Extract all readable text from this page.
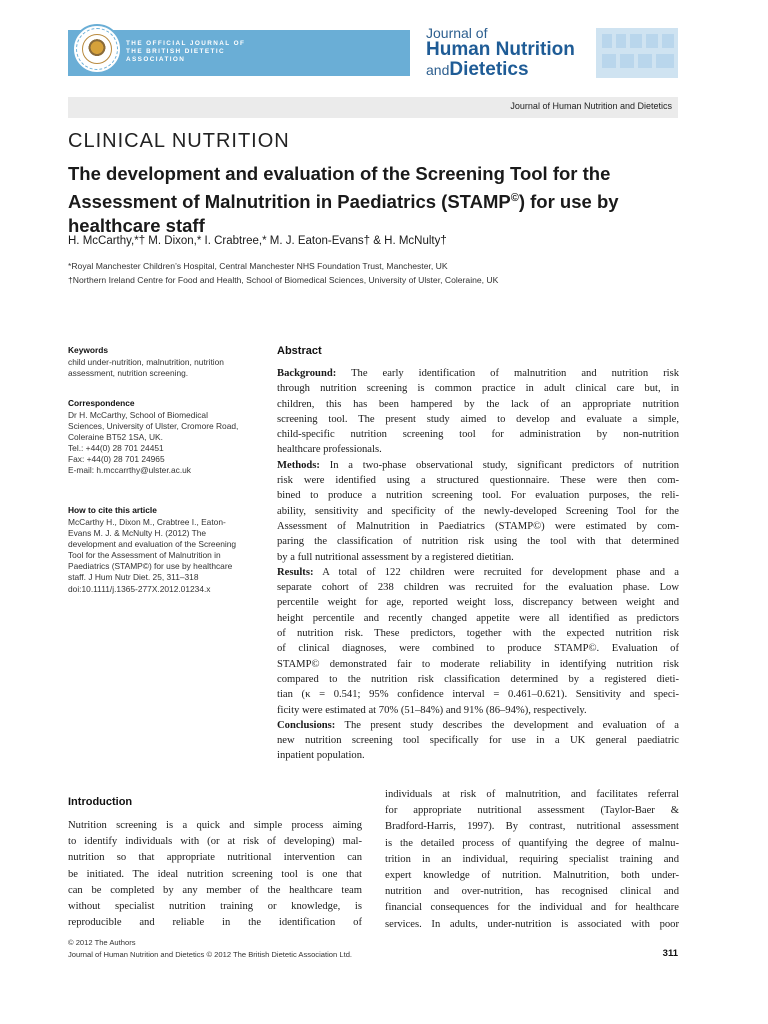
THE OFFICIAL JOURNAL OF
THE BRITISH DIETETIC
ASSOCIATION
Journal of
Human Nutrition
andDietetics
Journal of Human Nutrition and Dietetics
CLINICAL NUTRITION
The development and evaluation of the Screening Tool for the Assessment of Malnutrition in Paediatrics (STAMP©) for use by healthcare staff
H. McCarthy,*† M. Dixon,* I. Crabtree,* M. J. Eaton-Evans† & H. McNulty†
*Royal Manchester Children’s Hospital, Central Manchester NHS Foundation Trust, Manchester, UK
†Northern Ireland Centre for Food and Health, School of Biomedical Sciences, University of Ulster, Coleraine, UK
Keywords
child under-nutrition, malnutrition, nutrition
assessment, nutrition screening.
Correspondence
Dr H. McCarthy, School of Biomedical
Sciences, University of Ulster, Cromore Road,
Coleraine BT52 1SA, UK.
Tel.: +44(0) 28 701 24451
Fax: +44(0) 28 701 24965
E-mail: h.mccarrthy@ulster.ac.uk
How to cite this article
McCarthy H., Dixon M., Crabtree I., Eaton-
Evans M. J. & McNulty H. (2012) The
development and evaluation of the Screening
Tool for the Assessment of Malnutrition in
Paediatrics (STAMP©) for use by healthcare
staff. J Hum Nutr Diet. 25, 311–318
doi:10.1111/j.1365-277X.2012.01234.x
Abstract
Background: The early identification of malnutrition and nutrition risk
through nutrition screening is common practice in adult clinical care but, in
children, this has been hampered by the lack of an appropriate nutrition
screening tool. The present study aimed to develop and evaluate a simple,
child-specific nutrition screening tool for administration by non-nutrition
healthcare professionals.
Methods: In a two-phase observational study, significant predictors of nutrition
risk were identified using a structured questionnaire. These were then com-
bined to produce a nutrition screening tool. For evaluation purposes, the reli-
ability, sensitivity and specificity of the newly-developed Screening Tool for the
Assessment of Malnutrition in Paediatrics (STAMP©) were estimated by com-
paring the classification of nutrition risk using the tool with that determined
by a full nutritional assessment by a registered dietitian.
Results: A total of 122 children were recruited for development phase and a
separate cohort of 238 children was recruited for the evaluation phase. Low
percentile weight for age, reported weight loss, discrepancy between weight and
height percentile and recently changed appetite were all identified as predictors
of nutrition risk. These predictors, together with the expected nutrition risk
of clinical diagnoses, were combined to produce STAMP©. Evaluation of
STAMP© demonstrated fair to moderate reliability in identifying nutrition risk
compared to the nutrition risk classification determined by a registered dieti-
tian (κ = 0.541; 95% confidence interval = 0.461–0.621). Sensitivity and speci-
ficity were estimated at 70% (51–84%) and 91% (86–94%), respectively.
Conclusions: The present study describes the development and evaluation of a
new nutrition screening tool specifically for use in a UK general paediatric
inpatient population.
Introduction
Nutrition screening is a quick and simple process aiming
to identify individuals with (or at risk of developing) mal-
nutrition so that appropriate nutritional intervention can
be initiated. The ideal nutrition screening tool is one that
can be completed by any member of the healthcare team
without specialist nutrition training or knowledge, is
reproducible and reliable in the identification of
individuals at risk of malnutrition, and facilitates referral
for appropriate nutritional assessment (Taylor-Baer &
Bradford-Harris, 1997). By contrast, nutritional assessment
is the detailed process of quantifying the degree of malnu-
trition in an individual, requiring specialist training and
expert knowledge of nutrition. Malnutrition, both under-
nutrition and over-nutrition, has recognised clinical and
financial consequences for the individual and for healthcare
services. In adults, under-nutrition is associated with poor
© 2012 The Authors
Journal of Human Nutrition and Dietetics © 2012 The British Dietetic Association Ltd.	311
